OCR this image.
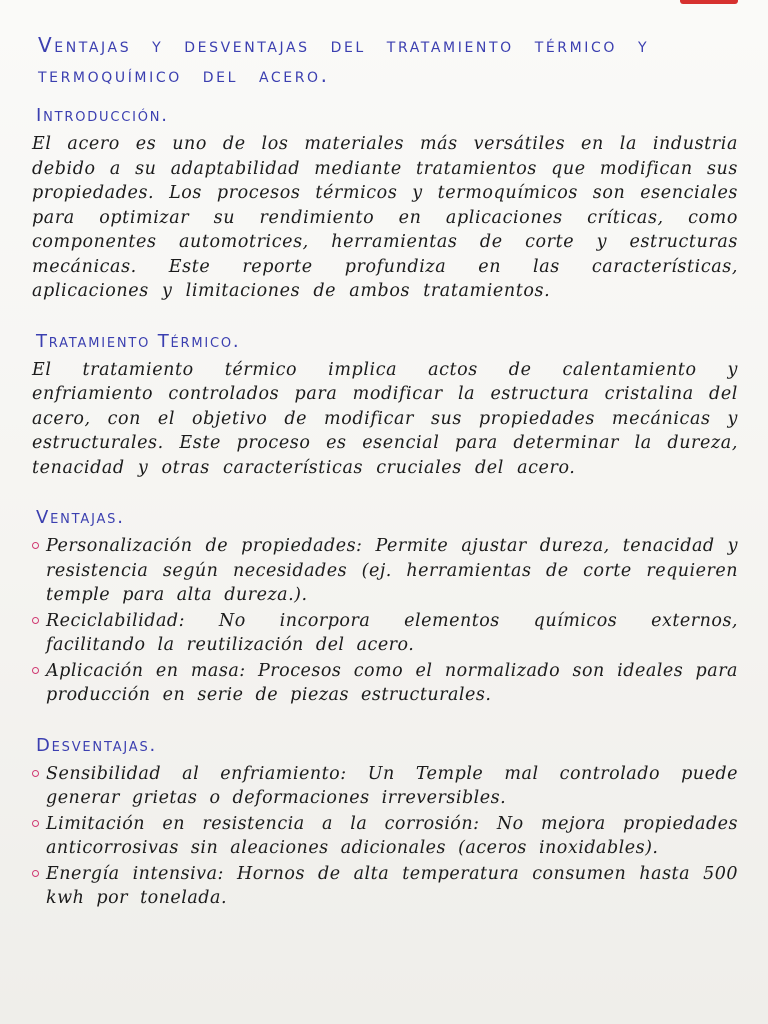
Ventajas y desventajas del tratamiento térmico y termoquímico del acero.
Introducción.

El acero es uno de los materiales más versátiles en la industria debido a su adaptabilidad mediante tratamientos que modifican sus propiedades. Los procesos térmicos y termoquímicos son esenciales para optimizar su rendimiento en aplicaciones críticas, como componentes automotrices, herramientas de corte y estructuras mecánicas. Este reporte profundiza en las características, aplicaciones y limitaciones de ambos tratamientos.

Tratamiento Térmico.

El tratamiento térmico implica actos de calentamiento y enfriamiento controlados para modificar la estructura cristalina del acero, con el objetivo de modificar sus propiedades mecánicas y estructurales. Este proceso es esencial para determinar la dureza, tenacidad y otras características cruciales del acero.

Ventajas.
Personalización de propiedades: Permite ajustar dureza, tenacidad y resistencia según necesidades (ej. herramientas de corte requieren temple para alta dureza.).
Reciclabilidad: No incorpora elementos químicos externos, facilitando la reutilización del acero.
Aplicación en masa: Procesos como el normalizado son ideales para producción en serie de piezas estructurales.
Desventajas.
Sensibilidad al enfriamiento: Un Temple mal controlado puede generar grietas o deformaciones irreversibles.
Limitación en resistencia a la corrosión: No mejora propiedades anticorrosivas sin aleaciones adicionales (aceros inoxidables).
Energía intensiva: Hornos de alta temperatura consumen hasta 500 kwh por tonelada.
